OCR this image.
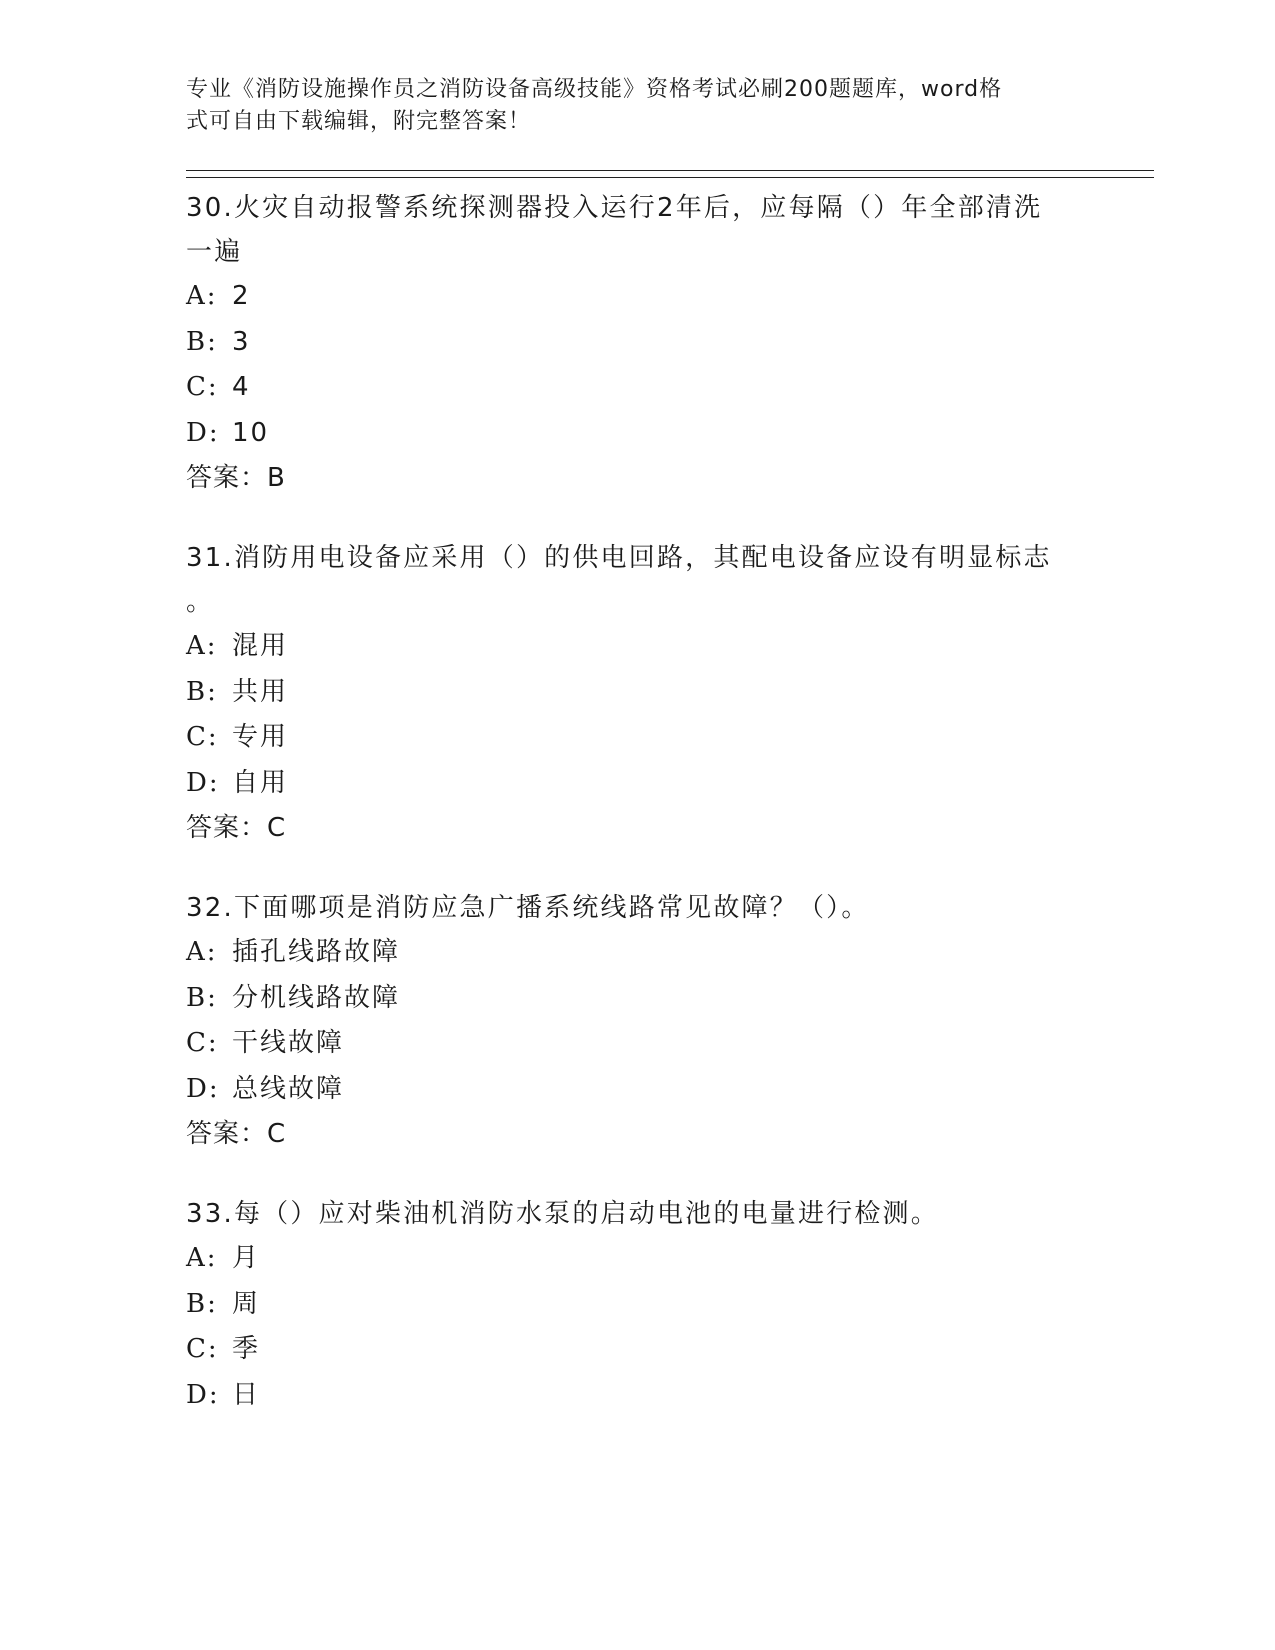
专业《消防设施操作员之消防设备高级技能》资格考试必刷200题题库，word格
式可自由下载编辑，附完整答案！

30.火灾自动报警系统探测器投入运行2年后，应每隔（）年全部清洗

一遍

A: 2

B: 3

C: 4

D: 10

答案：B

31.消防用电设备应采用（）的供电回路，其配电设备应设有明显标志

。

A: 混用

B: 共用

C: 专用

D: 自用

答案：C

32.下面哪项是消防应急广播系统线路常见故障？（）。

A: 插孔线路故障

B: 分机线路故障

C: 干线故障

D: 总线故障

答案：C

33.每（）应对柴油机消防水泵的启动电池的电量进行检测。

A: 月

B: 周

C: 季

D: 日
